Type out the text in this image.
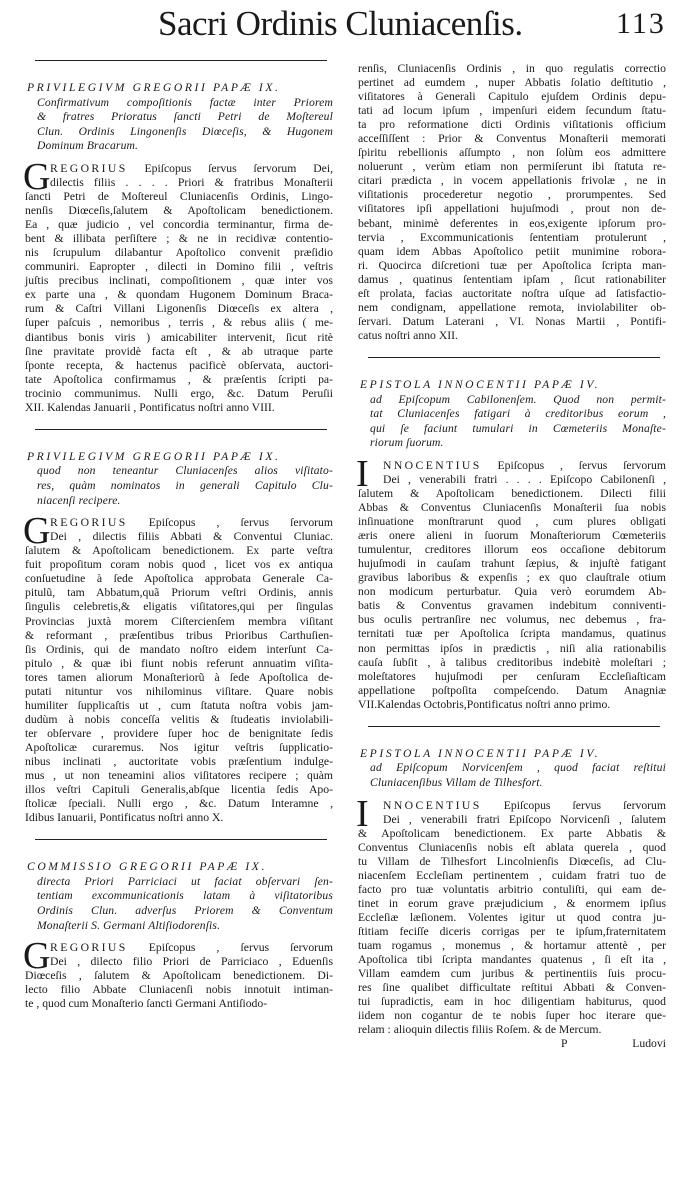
Sacri Ordinis Cluniacenſis.	113
PRIVILEGIVM GREGORII PAPÆ IX.
Confirmativum compoſitionis factæ inter Priorem
& fratres Prioratus ſancti Petri de Moſtereul
Clun. Ordinis Lingonenſis Diœceſis, & Hugonem
Dominum Bracarum.
G REGORIUS Epiſcopus ſervus ſervorum Dei,
dilectis filiis . . . . Priori & fratribus Monaſterii
ſancti Petri de Moſtereul Cluniacenſis Ordinis, Lingo-
nenſis Diœceſis,ſalutem & Apoſtolicam benedictionem.
Ea , quæ judicio , vel concordia terminantur, firma de-
bent & illibata perſiſtere ; & ne in recidivæ contentio-
nis ſcrupulum dilabantur Apoſtolico convenit præſidio
communiri. Eapropter , dilecti in Domino filii , veſtris
juſtis precibus inclinati, compoſitionem , quæ inter vos
ex parte una , & quondam Hugonem Dominum Braca-
rum & Caſtri Villani Ligonenſis Diœceſis ex altera ,
ſuper paſcuis , nemoribus , terris , & rebus aliis ( me-
diantibus bonis viris ) amicabiliter intervenit, ſicut ritè
ſine pravitate providè facta eſt , & ab utraque parte
ſponte recepta, & hactenus pacificè obſervata, auctori-
tate Apoſtolica confirmamus , & præſentis ſcripti pa-
trocinio communimus. Nulli ergo, &c. Datum Peruſii
XII. Kalendas Januarii , Pontificatus noſtri anno VIII.
PRIVILEGIVM GREGORII PAPÆ IX.
quod non teneantur Cluniacenſes alios viſitato-
res, quàm nominatos in generali Capitulo Clu-
niacenſi recipere.
G REGORIUS Epiſcopus , ſervus ſervorum
Dei , dilectis filiis Abbati & Conventui Cluniac.
ſalutem & Apoſtolicam benedictionem. Ex parte veſtra
fuit propoſitum coram nobis quod , licet vos ex antiqua
conſuetudine à ſede Apoſtolica approbata Generale Ca-
pitulũ, tam Abbatum,quã Priorum veſtri Ordinis, annis
ſingulis celebretis,& eligatis viſitatores,qui per ſingulas
Provincias juxtà morem Ciſtercienſem membra viſitant
& reformant , præſentibus tribus Prioribus Carthuſien-
ſis Ordinis, qui de mandato noſtro eidem interſunt Ca-
pitulo , & quæ ibi fiunt nobis referunt annuatim viſita-
tores tamen aliorum Monaſteriorũ à ſede Apoſtolica de-
putati nituntur vos nihilominus viſitare. Quare nobis
humiliter ſupplicaſtis ut , cum ſtatuta noſtra vobis jam-
dudùm à nobis conceſſa velitis & ſtudeatis inviolabili-
ter obſervare , providere ſuper hoc de benignitate ſedis
Apoſtolicæ curaremus. Nos igitur veſtris ſupplicatio-
nibus inclinati , auctoritate vobis præſentium indulge-
mus , ut non teneamini alios viſitatores recipere ; quàm
illos veſtri Capituli Generalis,abſque licentia ſedis Apo-
ſtolicæ ſpeciali. Nulli ergo , &c. Datum Interamne ,
Idibus Ianuarii, Pontificatus noſtri anno X.
COMMISSIO GREGORII PAPÆ IX.
directa Priori Parriciaci ut faciat obſervari ſen-
tentiam excommunicationis latam à viſitatoribus
Ordinis Clun. adverſus Priorem & Conventum
Monaſterii S. Germani Altiſiodorenſis.
G REGORIUS Epiſcopus , ſervus ſervorum
Dei , dilecto filio Priori de Parriciaco , Eduenſis
Diœceſis , ſalutem & Apoſtolicam benedictionem. Di-
lecto filio Abbate Cluniacenſi nobis innotuit intiman-
te , quod cum Monaſterio ſancti Germani Antiſiodo-
renſis, Cluniacenſis Ordinis , in quo regulatis correctio
pertinet ad eumdem , nuper Abbatis ſolatio deſtitutio ,
viſitatores à Generali Capitulo ejuſdem Ordinis depu-
tati ad locum ipſum , impenſuri eidem ſecundum ſtatu-
ta pro reformatione dicti Ordinis viſitationis officium
acceſſiſſent : Prior & Conventus Monaſterii memorati
ſpiritu rebellionis aſſumpto , non ſolùm eos admittere
noluerunt , verùm etiam non permiſerunt ibi ſtatuta re-
citari prædicta , in vocem appellationis frivolæ , ne in
viſitationis procederetur negotio , prorumpentes. Sed
viſitatores ipſi appellationi hujuſmodi , prout non de-
bebant, minimè deferentes in eos,exigente ipſorum pro-
tervia , Excommunicationis ſententiam protulerunt ,
quam idem Abbas Apoſtolico petiit munimine robora-
ri. Quocirca diſcretioni tuæ per Apoſtolica ſcripta man-
damus , quatinus ſententiam ipſam , ſicut rationabiliter
eſt prolata, facias auctoritate noſtra uſque ad ſatisfactio-
nem condignam, appellatione remota, inviolabiliter ob-
ſervari. Datum Laterani , VI. Nonas Martii , Pontifi-
catus noſtri anno XII.
EPISTOLA INNOCENTII PAPÆ IV.
ad Epiſcopum Cabilonenſem. Quod non permit-
tat Cluniacenſes fatigari à creditoribus eorum ,
qui ſe faciunt tumulari in Cœmeteriis Monaſte-
riorum ſuorum.
I	NNOCENTIUS Epiſcopus , ſervus ſervorum
Dei , venerabili fratri . . . . Epiſcopo Cabilonenſi ,
ſalutem & Apoſtolicam benedictionem. Dilecti filii
Abbas & Conventus Cluniacenſis Monaſterii ſua nobis
inſinuatione monſtrarunt quod , cum plures obligati
æris onere alieni in ſuorum Monaſteriorum Cœmeteriis
tumulentur, creditores illorum eos occaſione debitorum
hujuſmodi in cauſam trahunt ſæpius, & injuſtè fatigant
gravibus laboribus & expenſis ; ex quo clauſtrale otium
non modicum perturbatur. Quia verò eorumdem Ab-
batis & Conventus gravamen indebitum conniventi-
bus oculis pertranſire nec volumus, nec debemus , fra-
ternitati tuæ per Apoſtolica ſcripta mandamus, quatinus
non permittas ipſos in prædictis , niſi alia rationabilis
cauſa ſubſit , à talibus creditoribus indebitè moleſtari ;
moleſtatores hujuſmodi per cenſuram Eccleſiaſticam
appellatione poſtpoſita compeſcendo. Datum Anagniæ
VII.Kalendas Octobris,Pontificatus noſtri anno primo.
EPISTOLA INNOCENTII PAPÆ IV.
ad Epiſcopum Norvicenſem , quod faciat reſtitui
Cluniacenſibus Villam de Tilhesfort.
I	NNOCENTIUS Epiſcopus ſervus ſervorum
Dei , venerabili fratri Epiſcopo Norvicenſi , ſalutem
& Apoſtolicam benedictionem. Ex parte Abbatis &
Conventus Cluniacenſis nobis eſt ablata querela , quod
tu Villam de Tilhesfort Lincolnienſis Diœceſis, ad Clu-
niacenſem Eccleſiam pertinentem , cuidam fratri tuo de
facto pro tuæ voluntatis arbitrio contuliſti, qui eam de-
tinet in eorum grave præjudicium , & enormem ipſius
Eccleſiæ læſionem. Volentes igitur ut quod contra ju-
ſtitiam feciſſe diceris corrigas per te ipſum,fraternitatem
tuam rogamus , monemus , & hortamur attentè , per
Apoſtolica tibi ſcripta mandantes quatenus , ſi eſt ita ,
Villam eamdem cum juribus & pertinentiis ſuis procu-
res ſine qualibet difficultate reſtitui Abbati & Conven-
tui ſupradictis, eam in hoc diligentiam habiturus, quod
iidem non cogantur de te nobis ſuper hoc iterare que-
relam : alioquin dilectis filiis Roſem. & de Mercum.
P	Ludovi
